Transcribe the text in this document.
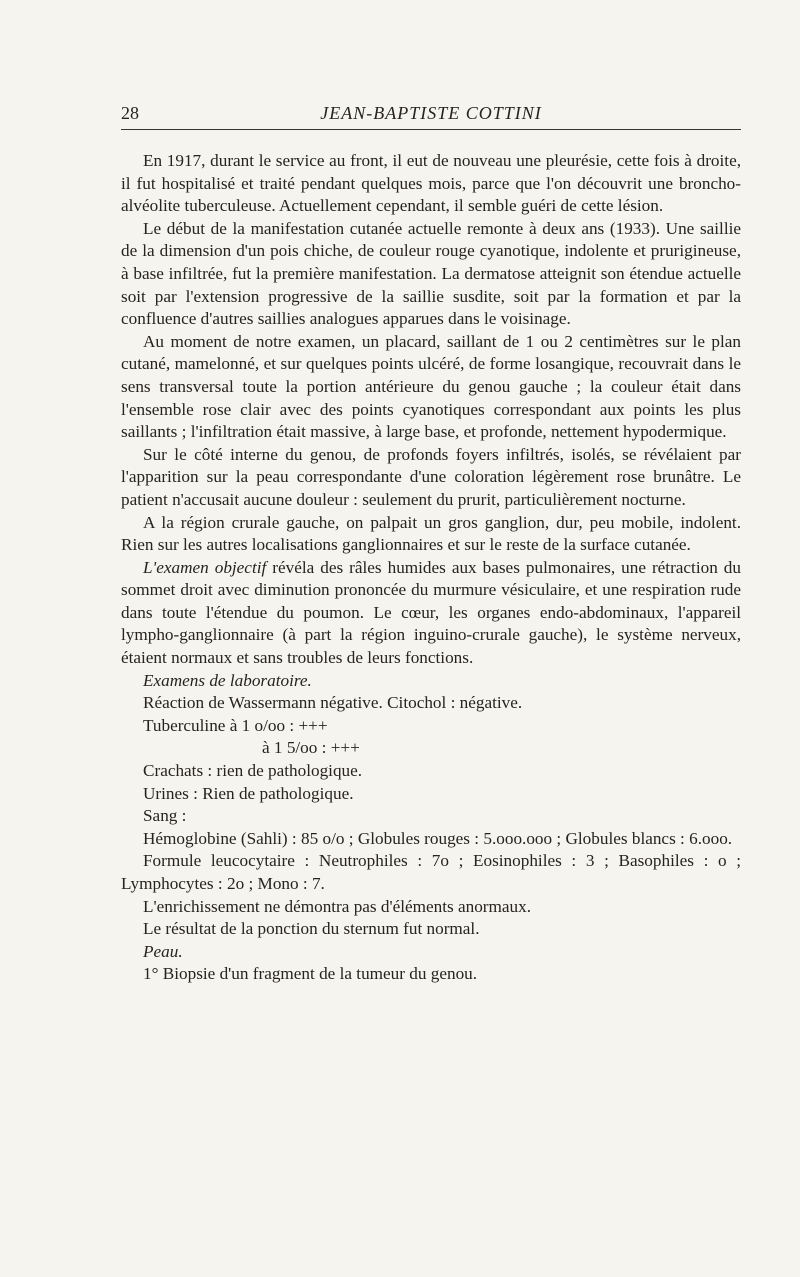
28	JEAN-BAPTISTE COTTINI

En 1917, durant le service au front, il eut de nouveau une pleurésie, cette fois à droite, il fut hospitalisé et traité pendant quelques mois, parce que l'on découvrit une broncho-alvéolite tuberculeuse. Actuellement cependant, il semble guéri de cette lésion.

Le début de la manifestation cutanée actuelle remonte à deux ans (1933). Une saillie de la dimension d'un pois chiche, de couleur rouge cyanotique, indolente et prurigineuse, à base infiltrée, fut la première manifestation. La dermatose atteignit son étendue actuelle soit par l'extension progressive de la saillie susdite, soit par la formation et par la confluence d'autres saillies analogues apparues dans le voisinage.

Au moment de notre examen, un placard, saillant de 1 ou 2 centimètres sur le plan cutané, mamelonné, et sur quelques points ulcéré, de forme losangique, recouvrait dans le sens transversal toute la portion antérieure du genou gauche ; la couleur était dans l'ensemble rose clair avec des points cyanotiques correspondant aux points les plus saillants ; l'infiltration était massive, à large base, et profonde, nettement hypodermique.

Sur le côté interne du genou, de profonds foyers infiltrés, isolés, se révélaient par l'apparition sur la peau correspondante d'une coloration légèrement rose brunâtre. Le patient n'accusait aucune douleur : seulement du prurit, particulièrement nocturne.

A la région crurale gauche, on palpait un gros ganglion, dur, peu mobile, indolent. Rien sur les autres localisations ganglionnaires et sur le reste de la surface cutanée.

L'examen objectif révéla des râles humides aux bases pulmonaires, une rétraction du sommet droit avec diminution prononcée du murmure vésiculaire, et une respiration rude dans toute l'étendue du poumon. Le cœur, les organes endo-abdominaux, l'appareil lympho-ganglionnaire (à part la région inguino-crurale gauche), le système nerveux, étaient normaux et sans troubles de leurs fonctions.

Examens de laboratoire.

Réaction de Wassermann négative. Citochol : négative.

Tuberculine à 1 o/oo : +++

à 1 5/oo : +++

Crachats : rien de pathologique.

Urines : Rien de pathologique.

Sang :

Hémoglobine (Sahli) : 85 o/o ; Globules rouges : 5.ooo.ooo ; Globules blancs : 6.ooo.

Formule leucocytaire : Neutrophiles : 7o ; Eosinophiles : 3 ; Basophiles : o ; Lymphocytes : 2o ; Mono : 7.

L'enrichissement ne démontra pas d'éléments anormaux.

Le résultat de la ponction du sternum fut normal.

Peau.

1° Biopsie d'un fragment de la tumeur du genou.
